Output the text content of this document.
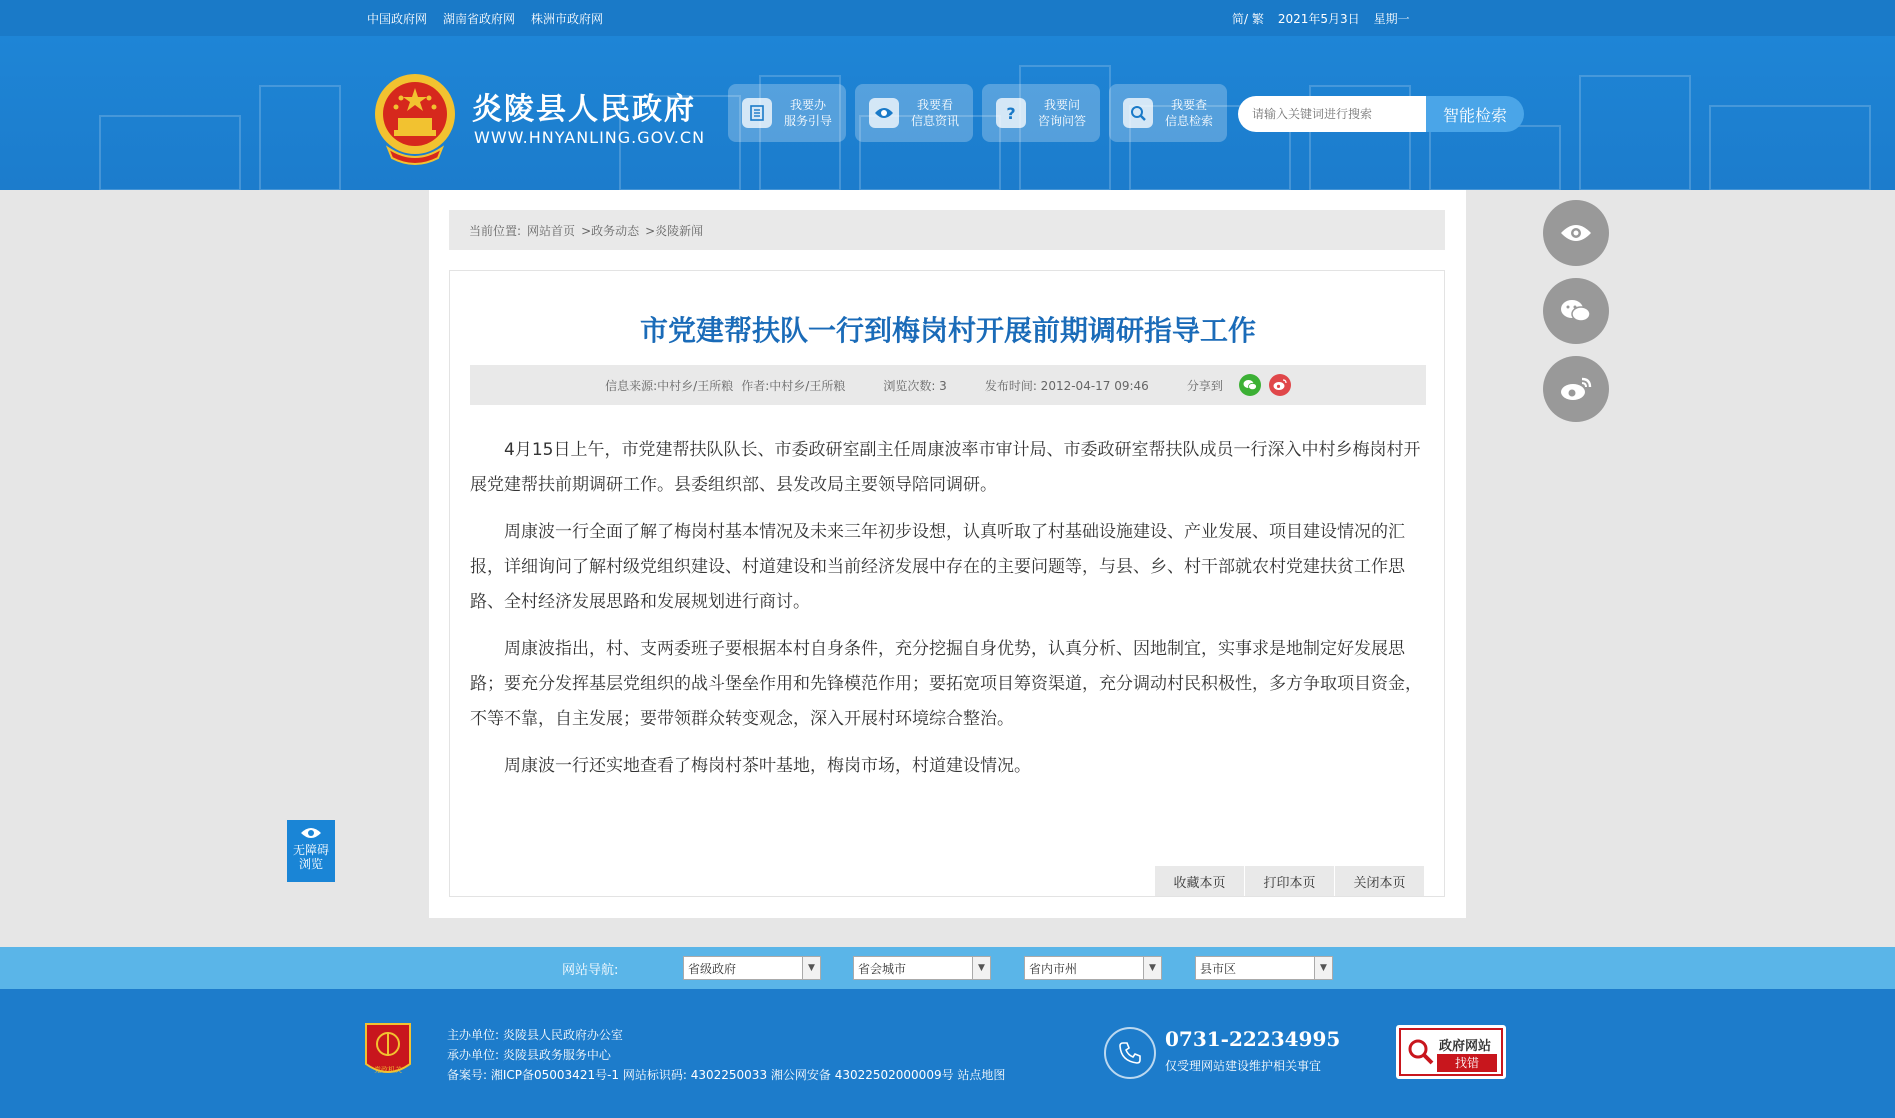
中国政府网 湖南省政府网 株洲市政府网	简/ 繁 2021年5月3日 星期一
炎陵县人民政府
WWW.HNYANLING.GOV.CN
我要办
服务引导
我要看
信息资讯	?	我要问
咨询问答
我要查
信息检索
请输入关键词进行搜索	智能检索
当前位置: 网站首页 >政务动态 >炎陵新闻
市党建帮扶队一行到梅岗村开展前期调研指导工作
信息来源:中村乡/王所粮 作者:中村乡/王所粮	浏览次数: 3	发布时间: 2012-04-17 09:46	分享到

4月15日上午，市党建帮扶队队长、市委政研室副主任周康波率市审计局、市委政研室帮扶队成员一行深入中村乡梅岗村开展党建帮扶前期调研工作。县委组织部、县发改局主要领导陪同调研。

周康波一行全面了解了梅岗村基本情况及未来三年初步设想，认真听取了村基础设施建设、产业发展、项目建设情况的汇报，详细询问了解村级党组织建设、村道建设和当前经济发展中存在的主要问题等，与县、乡、村干部就农村党建扶贫工作思路、全村经济发展思路和发展规划进行商讨。

周康波指出，村、支两委班子要根据本村自身条件，充分挖掘自身优势，认真分析、因地制宜，实事求是地制定好发展思路；要充分发挥基层党组织的战斗堡垒作用和先锋模范作用；要拓宽项目筹资渠道，充分调动村民积极性，多方争取项目资金，不等不靠，自主发展；要带领群众转变观念，深入开展村环境综合整治。

周康波一行还实地查看了梅岗村茶叶基地，梅岗市场，村道建设情况。

收藏本页	打印本页	关闭本页
无障碍
浏览
网站导航:	省级政府	▼	省会城市	▼	省内市州	▼	县市区	▼
党政机关
主办单位: 炎陵县人民政府办公室
承办单位: 炎陵县政务服务中心
备案号: 湘ICP备05003421号-1 网站标识码: 4302250033 湘公网安备 43022502000009号 站点地图
0731-22234995
仅受理网站建设维护相关事宜
政府网站
找错
